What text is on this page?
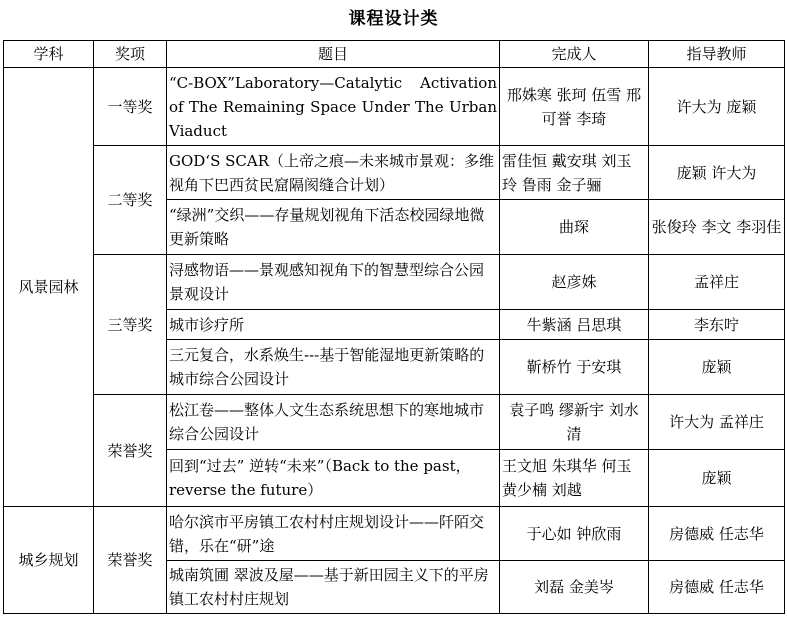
课程设计类
学科	奖项	题目	完成人	指导教师
风景园林	一等奖	“C-BOX”Laboratory—Catalytic Activation of The Remaining Space Under The Urban Viaduct	邢姝寒 张珂 伍雪 邢可誉 李琦	许大为 庞颖
	二等奖	GOD‘S SCAR（上帝之痕—未来城市景观：多维视角下巴西贫民窟隔阂缝合计划）	雷佳恒 戴安琪 刘玉玲 鲁雨 金子骊	庞颖 许大为
		“绿洲”交织——存量规划视角下活态校园绿地微更新策略	曲琛	张俊玲 李文 李羽佳
	三等奖	浔感物语——景观感知视角下的智慧型综合公园景观设计	赵彦姝	孟祥庄
		城市诊疗所	牛紫涵 吕思琪	李东咛
		三元复合，水系焕生---基于智能湿地更新策略的城市综合公园设计	靳桥竹 于安琪	庞颖
	荣誉奖	松江卷——整体人文生态系统思想下的寒地城市综合公园设计	袁子鸣 缪新宇 刘水清	许大为 孟祥庄
		回到“过去” 逆转“未来”（Back to the past，reverse the future）	王文旭 朱琪华 何玉 黄少楠 刘越	庞颖
城乡规划	荣誉奖	哈尔滨市平房镇工农村村庄规划设计——阡陌交错，乐在“研”途	于心如 钟欣雨	房德威 任志华
		城南筑圃 翠波及屋——基于新田园主义下的平房镇工农村村庄规划	刘磊 金美岑	房德威 任志华
